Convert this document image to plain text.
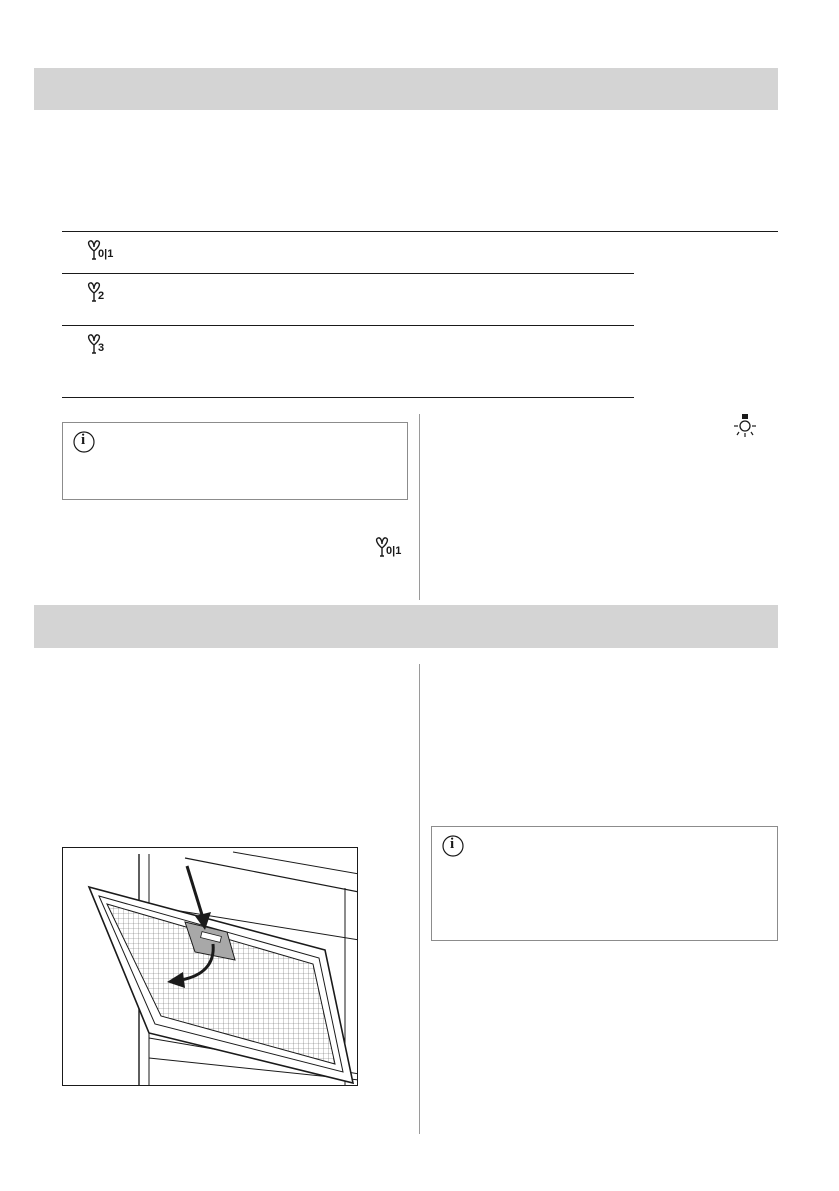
0|1
2
3
i
0|1
i
